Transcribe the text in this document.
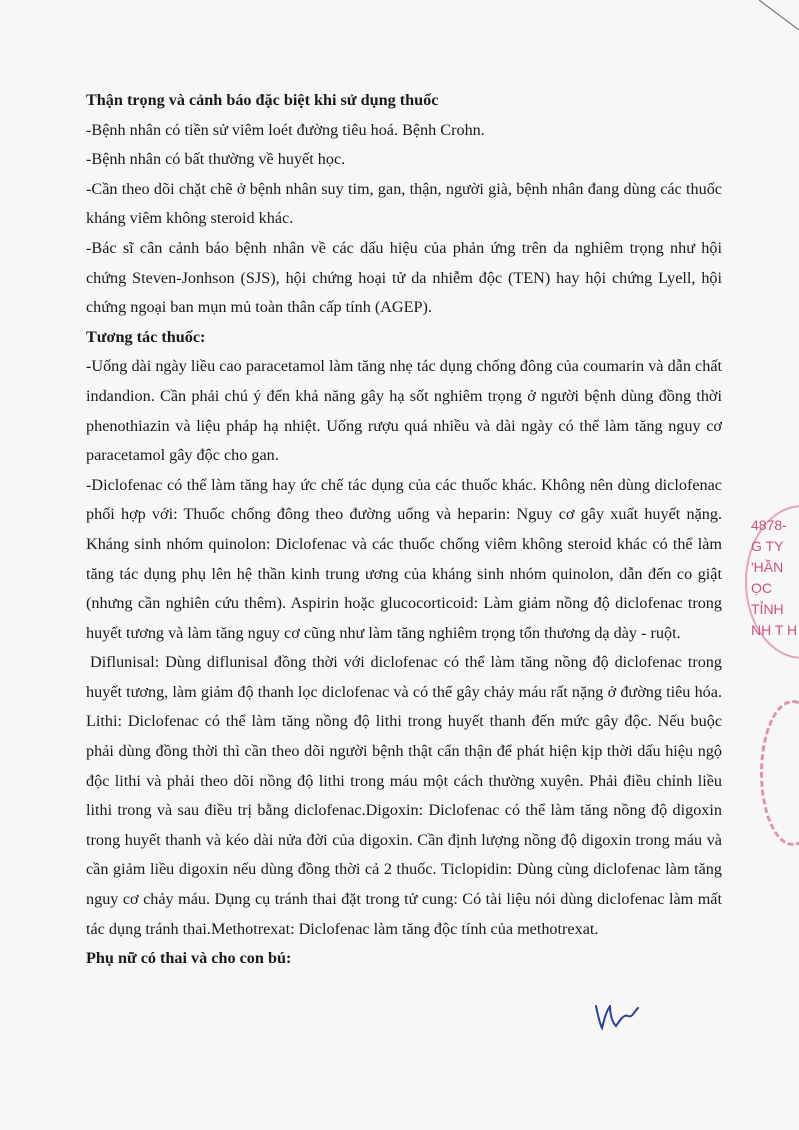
Thận trọng và cảnh báo đặc biệt khi sử dụng thuốc

-Bệnh nhân có tiền sử viêm loét đường tiêu hoá. Bệnh Crohn.

-Bệnh nhân có bất thường về huyết học.

-Cần theo dõi chặt chẽ ở bệnh nhân suy tim, gan, thận, người già, bệnh nhân đang dùng các thuốc kháng viêm không steroid khác.

-Bác sĩ cân cảnh báo bệnh nhân về các dấu hiệu của phản ứng trên da nghiêm trọng như hội chứng Steven-Jonhson (SJS), hội chứng hoại tử da nhiễm độc (TEN) hay hội chứng Lyell, hội chứng ngoại ban mụn mủ toàn thân cấp tính (AGEP).

Tương tác thuốc:

-Uống dài ngày liều cao paracetamol làm tăng nhẹ tác dụng chống đông của coumarin và dẫn chất indandion. Cần phải chú ý đến khả năng gây hạ sốt nghiêm trọng ở người bệnh dùng đồng thời phenothiazin và liệu pháp hạ nhiệt. Uống rượu quá nhiều và dài ngày có thể làm tăng nguy cơ paracetamol gây độc cho gan.

-Diclofenac có thể làm tăng hay ức chế tác dụng của các thuốc khác. Không nên dùng diclofenac phối hợp với: Thuốc chống đông theo đường uống và heparin: Nguy cơ gây xuất huyết nặng. Kháng sinh nhóm quinolon: Diclofenac và các thuốc chống viêm không steroid khác có thể làm tăng tác dụng phụ lên hệ thần kinh trung ương của kháng sinh nhóm quinolon, dẫn đến co giật (nhưng cần nghiên cứu thêm). Aspirin hoặc glucocorticoid: Làm giảm nồng độ diclofenac trong huyết tương và làm tăng nguy cơ cũng như làm tăng nghiêm trọng tổn thương dạ dày - ruột.

Diflunisal: Dùng diflunisal đồng thời với diclofenac có thể làm tăng nồng độ diclofenac trong huyết tương, làm giảm độ thanh lọc diclofenac và có thể gây chảy máu rất nặng ở đường tiêu hóa. Lithi: Diclofenac có thể làm tăng nồng độ lithi trong huyết thanh đến mức gây độc. Nếu buộc phải dùng đồng thời thì cần theo dõi người bệnh thật cẩn thận để phát hiện kịp thời dấu hiệu ngộ độc lithi và phải theo dõi nồng độ lithi trong máu một cách thường xuyên. Phải điều chỉnh liều lithi trong và sau điều trị bằng diclofenac.Digoxin: Diclofenac có thể làm tăng nồng độ digoxin trong huyết thanh và kéo dài nửa đời của digoxin. Cần định lượng nồng độ digoxin trong máu và cần giảm liều digoxin nếu dùng đồng thời cả 2 thuốc. Ticlopidin: Dùng cùng diclofenac làm tăng nguy cơ chảy máu. Dụng cụ tránh thai đặt trong tử cung: Có tài liệu nói dùng diclofenac làm mất tác dụng tránh thai.Methotrexat: Diclofenac làm tăng độc tính của methotrexat.

Phụ nữ có thai và cho con bú:

4878-
G TY
'HẦN
ỌC
TỈNH
NH T H
